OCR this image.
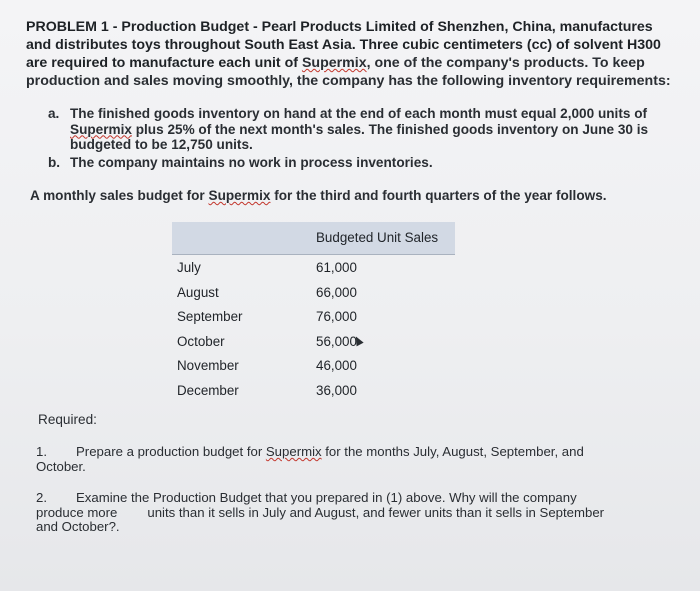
PROBLEM 1 - Production Budget - Pearl Products Limited of Shenzhen, China, manufactures and distributes toys throughout South East Asia. Three cubic centimeters (cc) of solvent H300 are required to manufacture each unit of Supermix, one of the company's products. To keep production and sales moving smoothly, the company has the following inventory requirements:
a. The finished goods inventory on hand at the end of each month must equal 2,000 units of Supermix plus 25% of the next month's sales. The finished goods inventory on June 30 is budgeted to be 12,750 units.
b. The company maintains no work in process inventories.
A monthly sales budget for Supermix for the third and fourth quarters of the year follows.
Budgeted Unit Sales
July	61,000
August	66,000
September	76,000
October	56,000
November	46,000
December	36,000
Required:
1. Prepare a production budget for Supermix for the months July, August, September, and October.
2. Examine the Production Budget that you prepared in (1) above. Why will the company
produce more units than it sells in July and August, and fewer units than it sells in September
and October?.
